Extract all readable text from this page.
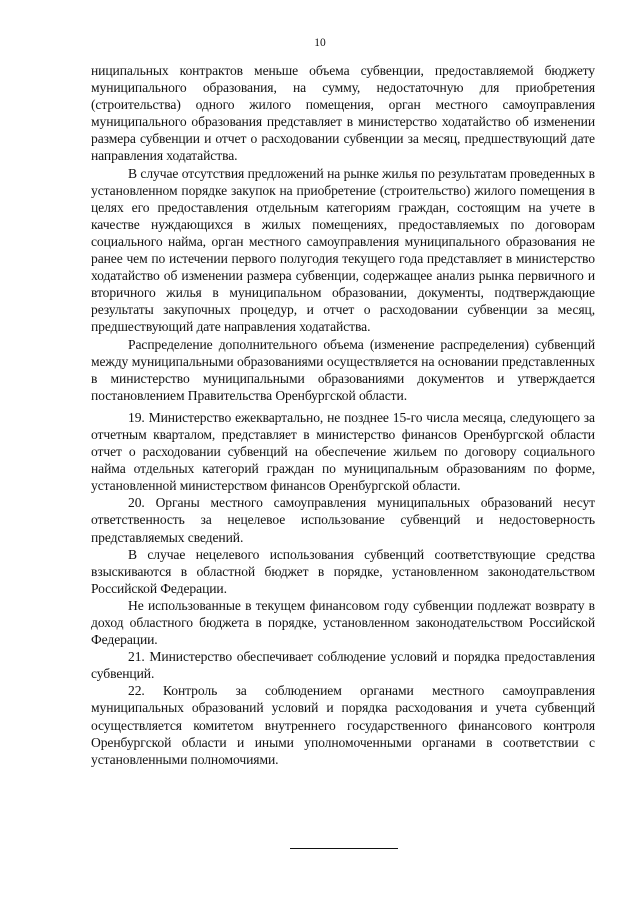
10

ниципальных контрактов меньше объема субвенции, предоставляемой бюджету муниципального образования, на сумму, недостаточную для приобретения (строительства) одного жилого помещения, орган местного самоуправления муниципального образования представляет в министерство ходатайство об изменении размера субвенции и отчет о расходовании субвенции за месяц, предшествующий дате направления ходатайства.

В случае отсутствия предложений на рынке жилья по результатам проведенных в установленном порядке закупок на приобретение (строительство) жилого помещения в целях его предоставления отдельным категориям граждан, состоящим на учете в качестве нуждающихся в жилых помещениях, предоставляемых по договорам социального найма, орган местного самоуправления муниципального образования не ранее чем по истечении первого полугодия текущего года представляет в министерство ходатайство об изменении размера субвенции, содержащее анализ рынка первичного и вторичного жилья в муниципальном образовании, документы, подтверждающие результаты закупочных процедур, и отчет о расходовании субвенции за месяц, предшествующий дате направления ходатайства.

Распределение дополнительного объема (изменение распределения) субвенций между муниципальными образованиями осуществляется на основании представленных в министерство муниципальными образованиями документов и утверждается постановлением Правительства Оренбургской области.

19. Министерство ежеквартально, не позднее 15-го числа месяца, следующего за отчетным кварталом, представляет в министерство финансов Оренбургской области отчет о расходовании субвенций на обеспечение жильем по договору социального найма отдельных категорий граждан по муниципальным образованиям по форме, установленной министерством финансов Оренбургской области.

20. Органы местного самоуправления муниципальных образований несут ответственность за нецелевое использование субвенций и недостоверность представляемых сведений.

В случае нецелевого использования субвенций соответствующие средства взыскиваются в областной бюджет в порядке, установленном законодательством Российской Федерации.

Не использованные в текущем финансовом году субвенции подлежат возврату в доход областного бюджета в порядке, установленном законодательством Российской Федерации.

21. Министерство обеспечивает соблюдение условий и порядка предоставления субвенций.

22. Контроль за соблюдением органами местного самоуправления муниципальных образований условий и порядка расходования и учета субвенций осуществляется комитетом внутреннего государственного финансового контроля Оренбургской области и иными уполномоченными органами в соответствии с установленными полномочиями.
